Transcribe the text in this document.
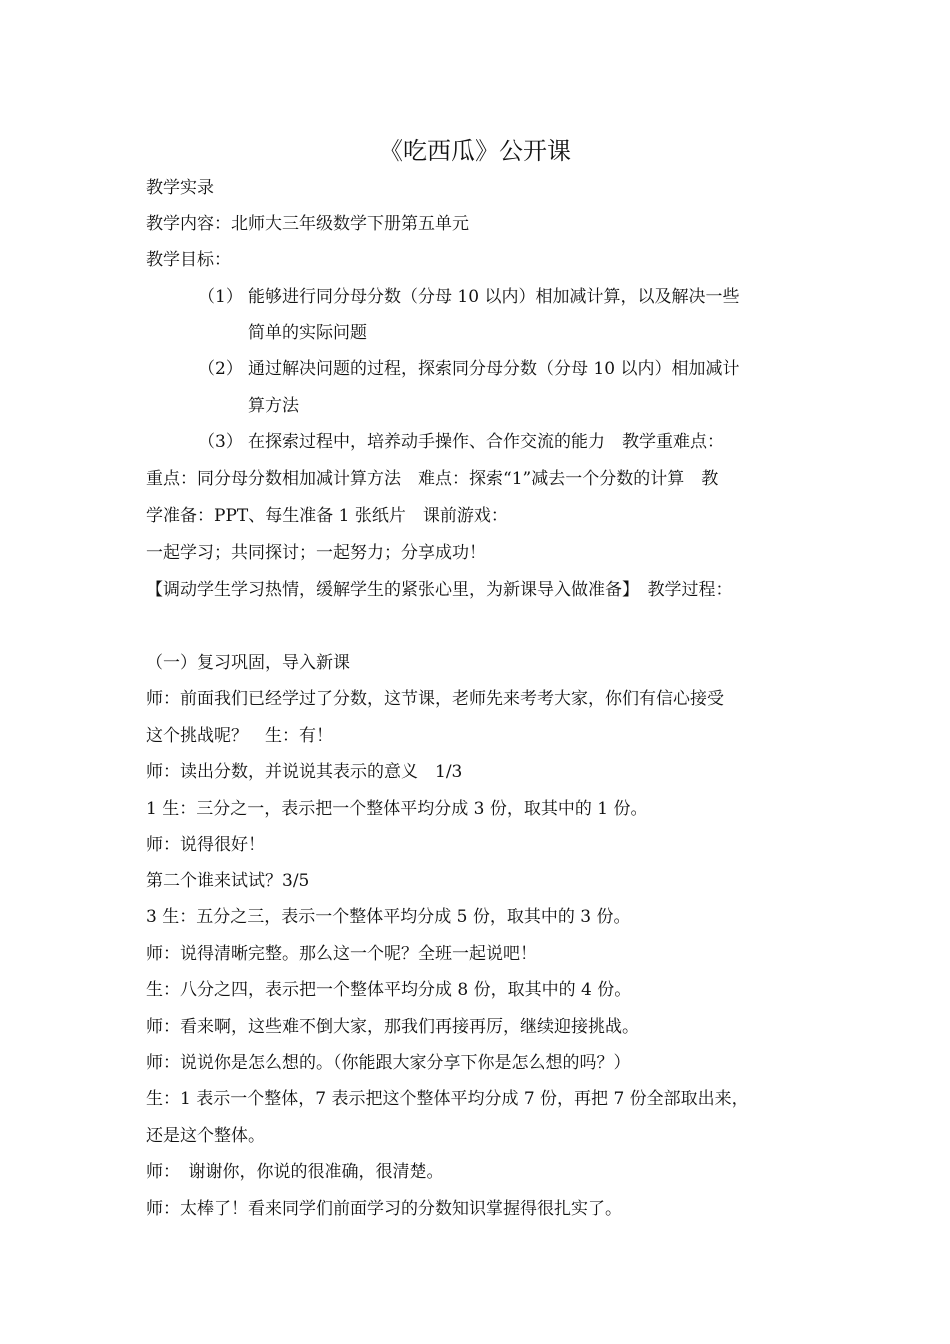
《吃西瓜》公开课
教学实录
教学内容：北师大三年级数学下册第五单元
教学目标：
（1） 能够进行同分母分数（分母 10 以内）相加减计算，以及解决一些
简单的实际问题
（2） 通过解决问题的过程，探索同分母分数（分母 10 以内）相加减计
算方法
（3） 在探索过程中，培养动手操作、合作交流的能力　教学重难点：
重点：同分母分数相加减计算方法　难点：探索“1”减去一个分数的计算　教
学准备：PPT、每生准备 1 张纸片　课前游戏：
一起学习；共同探讨；一起努力；分享成功！
【调动学生学习热情，缓解学生的紧张心里，为新课导入做准备】　教学过程：
（一）复习巩固，导入新课
师：前面我们已经学过了分数，这节课，老师先来考考大家，你们有信心接受
这个挑战呢？　生：有！
师：读出分数，并说说其表示的意义　1/3
1 生：三分之一，表示把一个整体平均分成 3 份，取其中的 1 份。
师：说得很好！
第二个谁来试试？3/5
3 生：五分之三，表示一个整体平均分成 5 份，取其中的 3 份。
师：说得清晰完整。那么这一个呢？全班一起说吧！
生：八分之四，表示把一个整体平均分成 8 份，取其中的 4 份。
师：看来啊，这些难不倒大家，那我们再接再厉，继续迎接挑战。
师：说说你是怎么想的。（你能跟大家分享下你是怎么想的吗？）
生：1 表示一个整体，7 表示把这个整体平均分成 7 份，再把 7 份全部取出来，
还是这个整体。
师：　谢谢你，你说的很准确，很清楚。
师：太棒了！看来同学们前面学习的分数知识掌握得很扎实了。
